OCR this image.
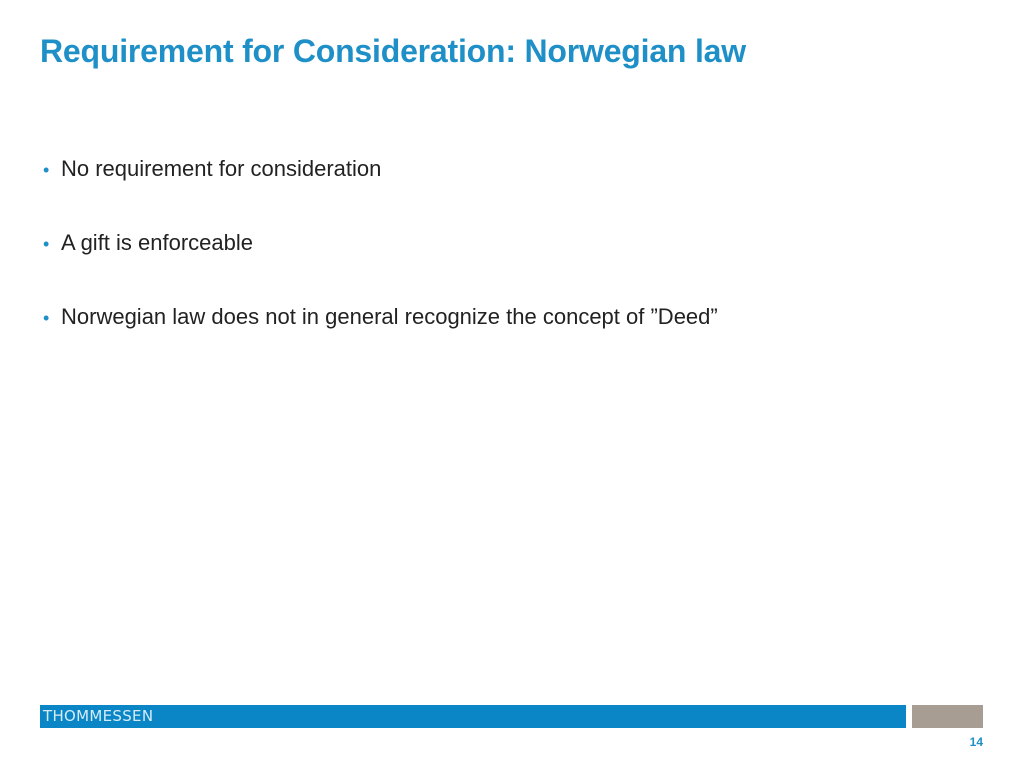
Requirement for Consideration: Norwegian law
• No requirement for consideration
• A gift is enforceable
• Norwegian law does not in general recognize the concept of ”Deed”
THOMMESSEN
14
